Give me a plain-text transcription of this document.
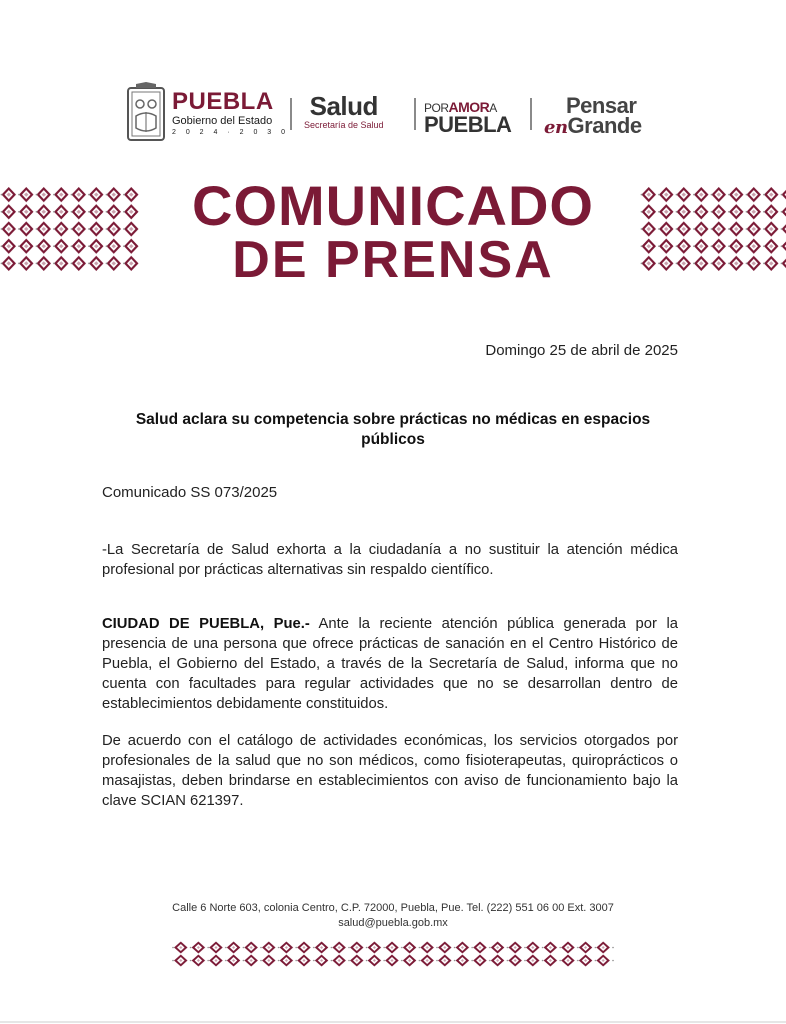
PUEBLA
Gobierno del Estado
2 0 2 4 · 2 0 3 0
Salud
Secretaría de Salud
PORAMORA
PUEBLA
Pensar
enGrande
COMUNICADO
DE PRENSA
Domingo 25 de abril de 2025
Salud aclara su competencia sobre prácticas no médicas en espacios públicos
Comunicado SS 073/2025
-La Secretaría de Salud exhorta a la ciudadanía a no sustituir la atención médica profesional por prácticas alternativas sin respaldo científico.
CIUDAD DE PUEBLA, Pue.- Ante la reciente atención pública generada por la presencia de una persona que ofrece prácticas de sanación en el Centro Histórico de Puebla, el Gobierno del Estado, a través de la Secretaría de Salud, informa que no cuenta con facultades para regular actividades que no se desarrollan dentro de establecimientos debidamente constituidos.
De acuerdo con el catálogo de actividades económicas, los servicios otorgados por profesionales de la salud que no son médicos, como fisioterapeutas, quiroprácticos o masajistas, deben brindarse en establecimientos con aviso de funcionamiento bajo la clave SCIAN 621397.
Calle 6 Norte 603, colonia Centro, C.P. 72000, Puebla, Pue. Tel. (222) 551 06 00 Ext. 3007
salud@puebla.gob.mx
